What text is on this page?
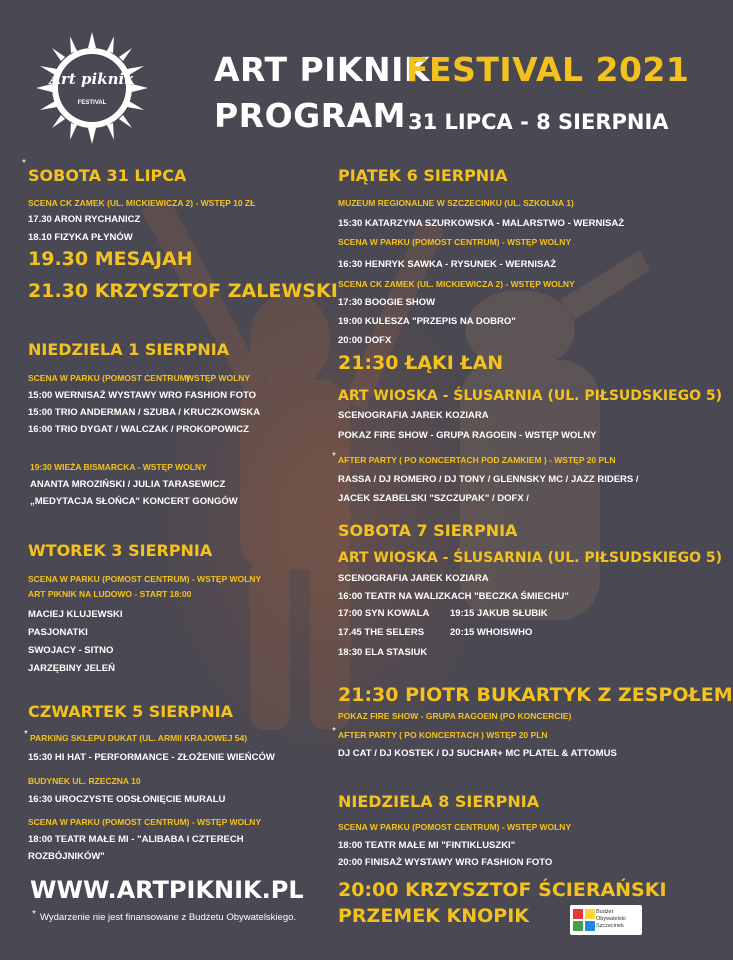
Art piknik
FESTIVAL
ART PIKNIK
FESTIVAL 2021
PROGRAM 31 LIPCA - 8 SIERPNIA
*
SOBOTA 31 LIPCA
SCENA CK ZAMEK (UL. MICKIEWICZA 2) - WSTĘP 10 ZŁ
17.30 ARON RYCHANICZ
18.10 FIZYKA PŁYNÓW
19.30 MESAJAH
21.30 KRZYSZTOF ZALEWSKI
NIEDZIELA 1 SIERPNIA
SCENA W PARKU (POMOST CENTRUM)
WSTĘP WOLNY
15:00 WERNISAŻ WYSTAWY WRO FASHION FOTO
15:00 TRIO ANDERMAN / SZUBA / KRUCZKOWSKA
16:00 TRIO DYGAT / WALCZAK / PROKOPOWICZ
19:30 WIEŻA BISMARCKA - WSTĘP WOLNY
ANANTA MROZIŃSKI / JULIA TARASEWICZ
„MEDYTACJA SŁOŃCA" KONCERT GONGÓW
WTOREK 3 SIERPNIA
SCENA W PARKU (POMOST CENTRUM) - WSTĘP WOLNY
ART PIKNIK NA LUDOWO - START 18:00
MACIEJ KLUJEWSKI
PASJONATKI
SWOJACY - SITNO
JARZĘBINY JELEŃ
CZWARTEK 5 SIERPNIA
* PARKING SKLEPU DUKAT (UL. ARMII KRAJOWEJ 54)
15:30 HI HAT - PERFORMANCE - ZŁOŻENIE WIEŃCÓW
BUDYNEK UL. RZECZNA 10
16:30 UROCZYSTE ODSŁONIĘCIE MURALU
SCENA W PARKU (POMOST CENTRUM) - WSTĘP WOLNY
18:00 TEATR MAŁE MI - "ALIBABA I CZTERECH
ROZBÓJNIKÓW"
WWW.ARTPIKNIK.PL
* Wydarzenie nie jest finansowane z Budżetu Obywatelskiego.
PIĄTEK 6 SIERPNIA
MUZEUM REGIONALNE W SZCZECINKU (UL. SZKOLNA 1)
15:30 KATARZYNA SZURKOWSKA - MALARSTWO - WERNISAŻ
SCENA W PARKU (POMOST CENTRUM) - WSTĘP WOLNY
16:30 HENRYK SAWKA - RYSUNEK - WERNISAŻ
SCENA CK ZAMEK (UL. MICKIEWICZA 2) - WSTĘP WOLNY
17:30 BOOGIE SHOW
19:00 KULESZA "PRZEPIS NA DOBRO"
20:00 DOFX
21:30 ŁĄKI ŁAN
ART WIOSKA - ŚLUSARNIA (UL. PIŁSUDSKIEGO 5)
SCENOGRAFIA JAREK KOZIARA
POKAZ FIRE SHOW - GRUPA RAGOEIN - WSTĘP WOLNY
* AFTER PARTY ( PO KONCERTACH POD ZAMKIEM ) - WSTĘP 20 PLN
RASSA / DJ ROMERO / DJ TONY / GLENNSKY MC / JAZZ RIDERS /
JACEK SZABELSKI "SZCZUPAK" / DOFX /
SOBOTA 7 SIERPNIA
ART WIOSKA - ŚLUSARNIA (UL. PIŁSUDSKIEGO 5)
SCENOGRAFIA JAREK KOZIARA
16:00 TEATR NA WALIZKACH "BECZKA ŚMIECHU"
17:00 SYN KOWALA
17.45 THE SELERS
18:30 ELA STASIUK
19:15 JAKUB SŁUBIK
20:15 WHOISWHO
21:30 PIOTR BUKARTYK Z ZESPOŁEM
POKAZ FIRE SHOW - GRUPA RAGOEIN (PO KONCERCIE)
* AFTER PARTY ( PO KONCERTACH ) WSTĘP 20 PLN
DJ CAT / DJ KOSTEK / DJ SUCHAR+ MC PLATEL & ATTOMUS
NIEDZIELA 8 SIERPNIA
SCENA W PARKU (POMOST CENTRUM) - WSTĘP WOLNY
18:00 TEATR MAŁE MI "FINTIKLUSZKI"
20:00 FINISAŻ WYSTAWY WRO FASHION FOTO
20:00 KRZYSZTOF ŚCIERAŃSKI
PRZEMEK KNOPIK	Budżet
Obywatelski
Szczecinek
